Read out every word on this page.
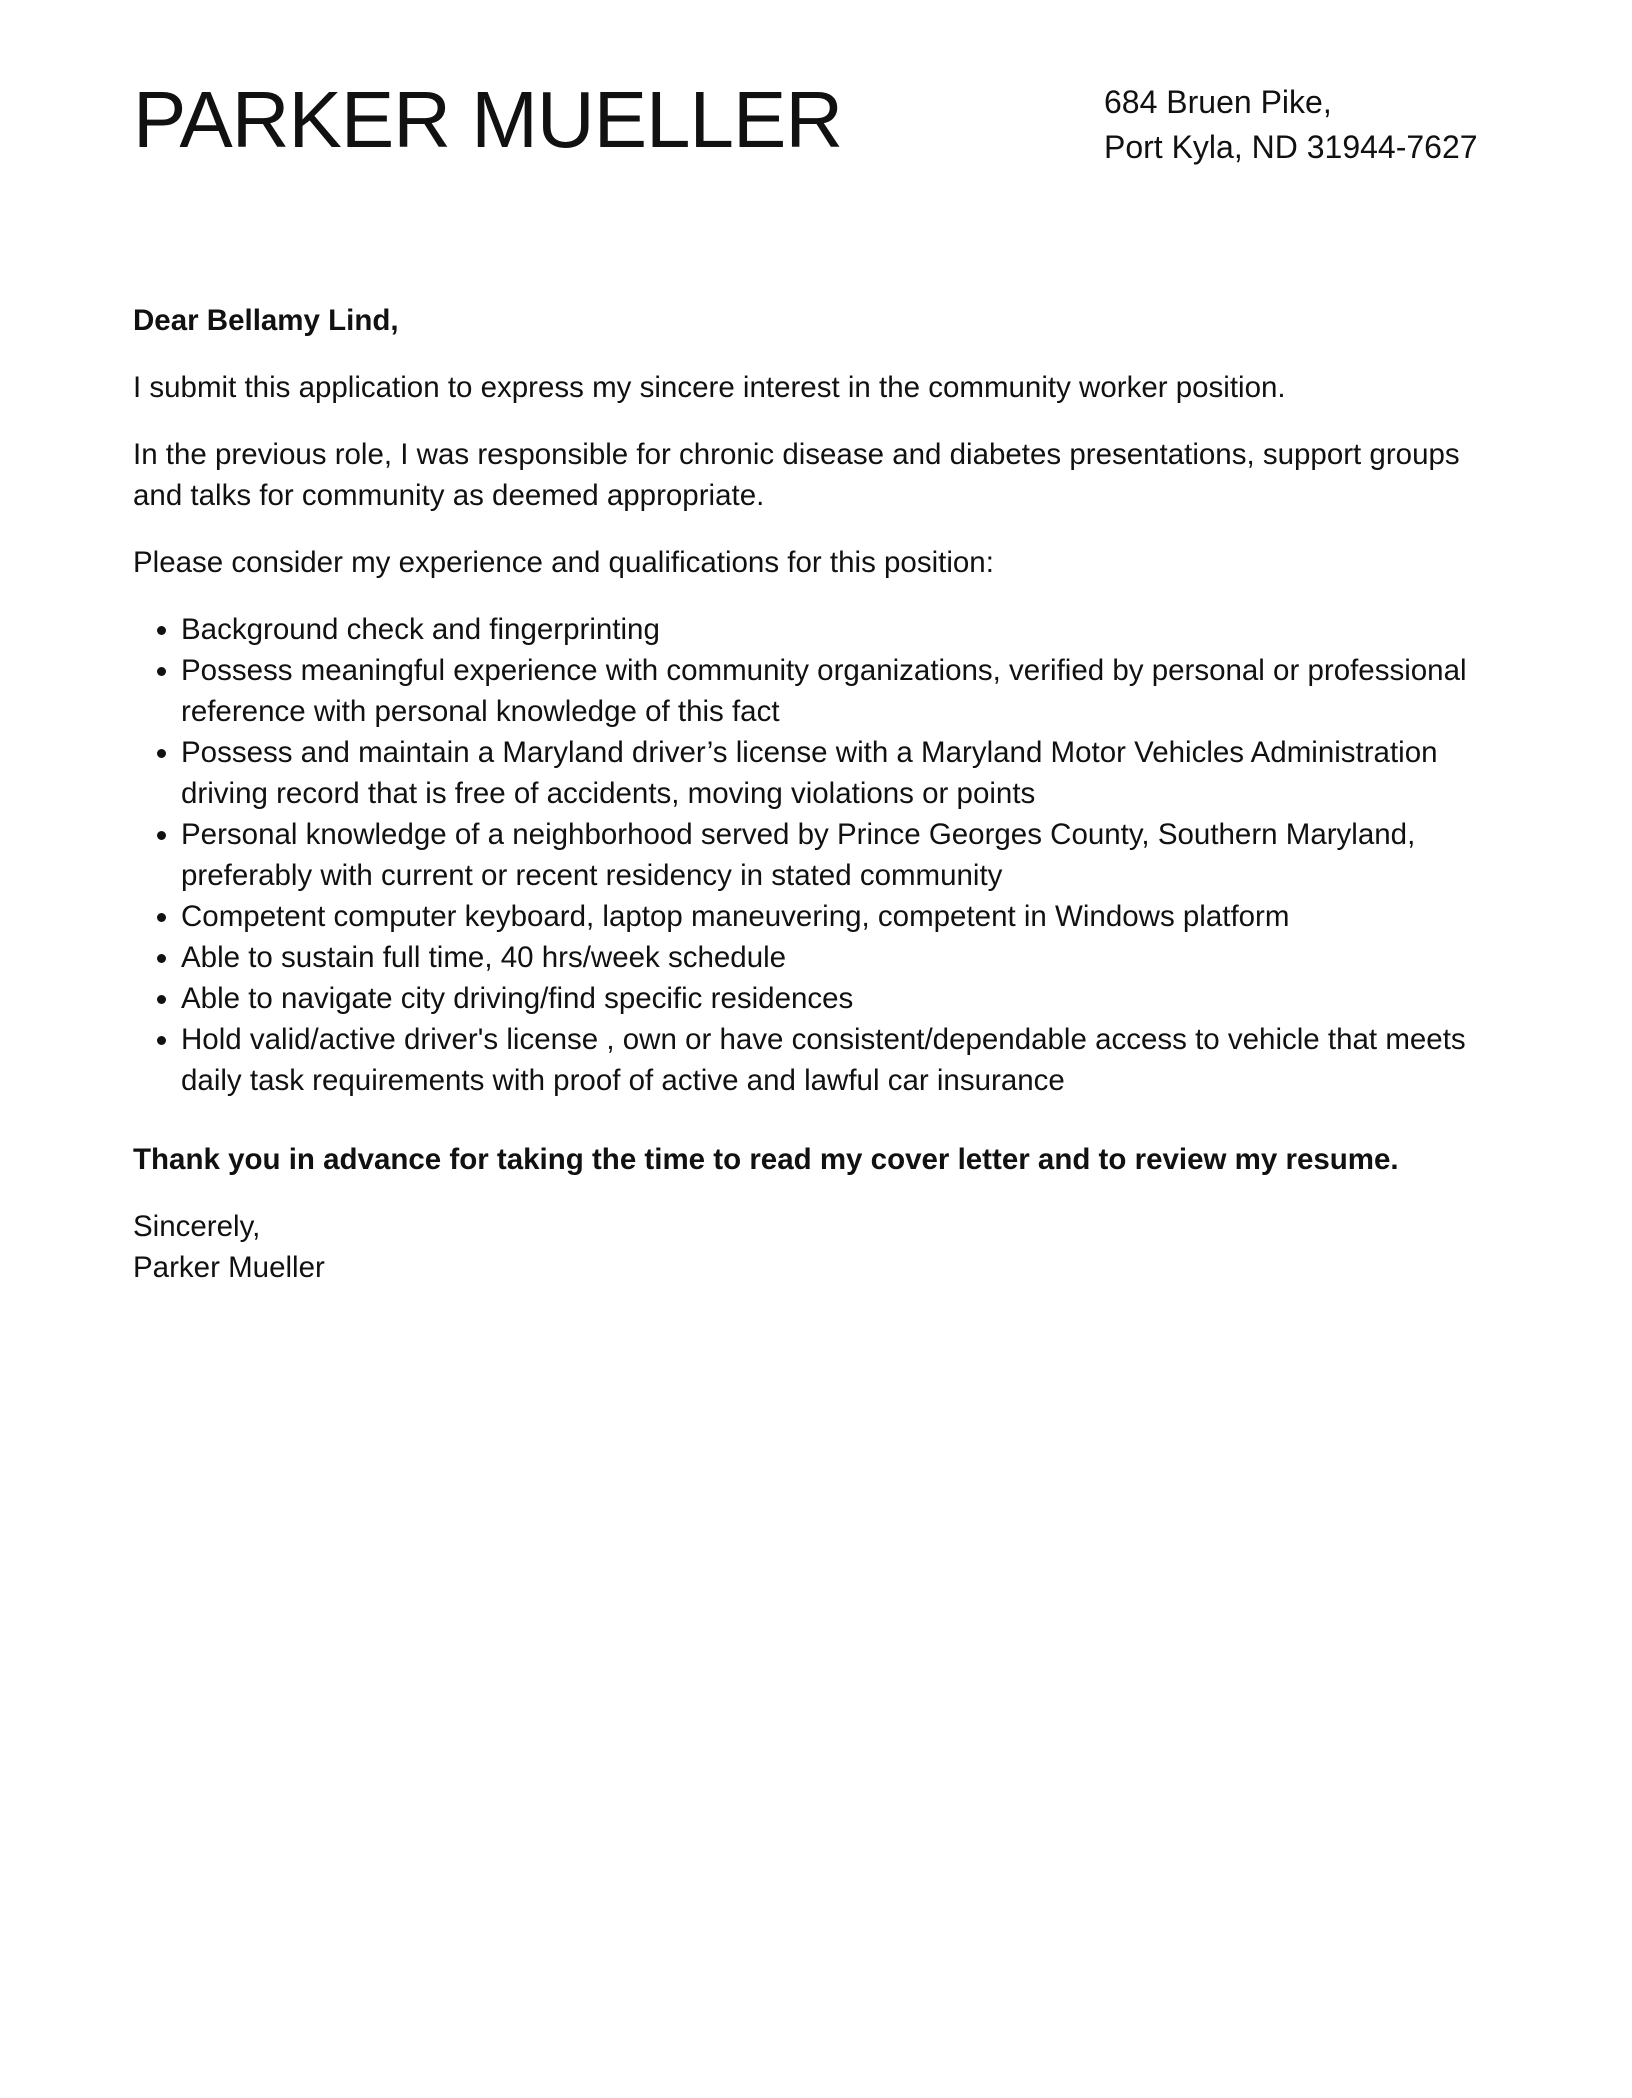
PARKER MUELLER	684 Bruen Pike,
Port Kyla, ND 31944-7627

Dear Bellamy Lind,

I submit this application to express my sincere interest in the community worker position.

In the previous role, I was responsible for chronic disease and diabetes presentations, support groups and talks for community as deemed appropriate.

Please consider my experience and qualifications for this position:

• Background check and fingerprinting
• Possess meaningful experience with community organizations, verified by personal or professional reference with personal knowledge of this fact
• Possess and maintain a Maryland driver’s license with a Maryland Motor Vehicles Administration driving record that is free of accidents, moving violations or points
• Personal knowledge of a neighborhood served by Prince Georges County, Southern Maryland, preferably with current or recent residency in stated community
• Competent computer keyboard, laptop maneuvering, competent in Windows platform
• Able to sustain full time, 40 hrs/week schedule
• Able to navigate city driving/find specific residences
• Hold valid/active driver's license , own or have consistent/dependable access to vehicle that meets daily task requirements with proof of active and lawful car insurance

Thank you in advance for taking the time to read my cover letter and to review my resume.

Sincerely,
Parker Mueller
